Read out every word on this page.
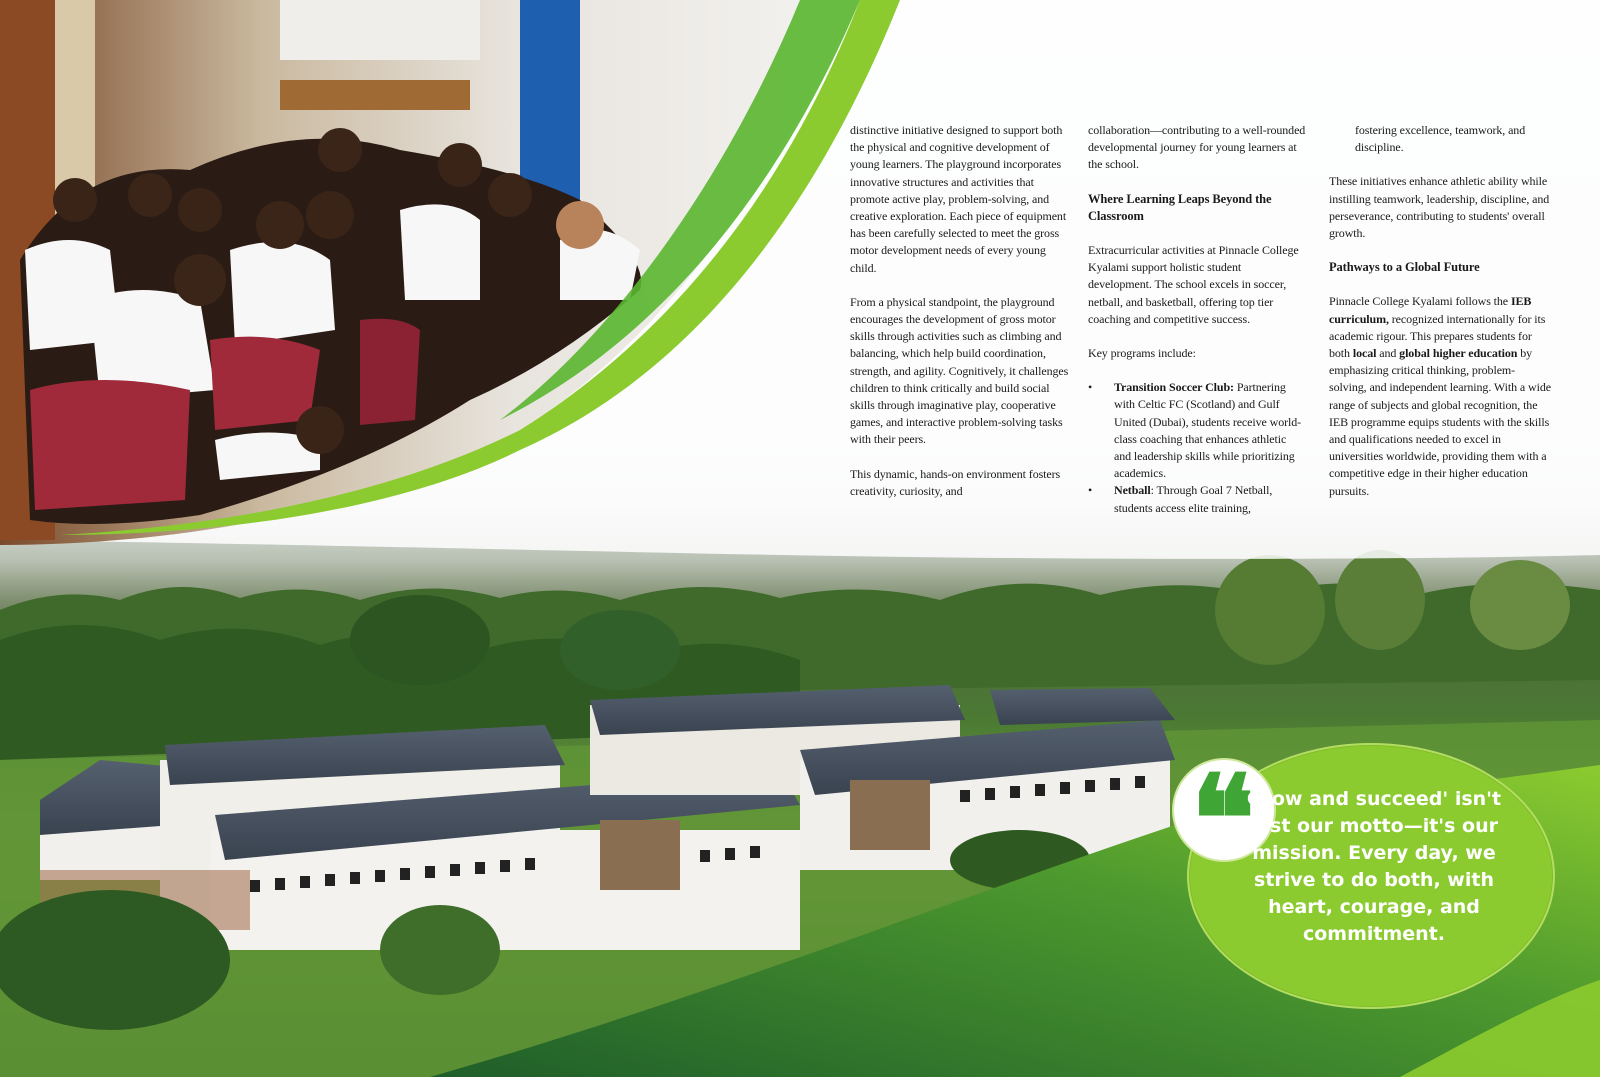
distinctive initiative designed to support both the physical and cognitive development of young learners. The playground incorporates innovative structures and activities that promote active play, problem-solving, and creative exploration. Each piece of equipment has been carefully selected to meet the gross motor development needs of every young child.

From a physical standpoint, the playground encourages the development of gross motor skills through activities such as climbing and balancing, which help build coordination, strength, and agility. Cognitively, it challenges children to think critically and build social skills through imaginative play, cooperative games, and interactive problem-solving tasks with their peers.

This dynamic, hands-on environment fosters creativity, curiosity, and

collaboration—contributing to a well-rounded developmental journey for young learners at the school.

Where Learning Leaps Beyond the Classroom

Extracurricular activities at Pinnacle College Kyalami support holistic student development. The school excels in soccer, netball, and basketball, offering top tier coaching and competitive success.

Key programs include:

• Transition Soccer Club: Partnering with Celtic FC (Scotland) and Gulf United (Dubai), students receive world-class coaching that enhances athletic and leadership skills while prioritizing academics.
• Netball: Through Goal 7 Netball, students access elite training,

fostering excellence, teamwork, and discipline.

These initiatives enhance athletic ability while instilling teamwork, leadership, discipline, and perseverance, contributing to students' overall growth.

Pathways to a Global Future

Pinnacle College Kyalami follows the IEB curriculum, recognized internationally for its academic rigour. This prepares students for both local and global higher education by emphasizing critical thinking, problem-solving, and independent learning. With a wide range of subjects and global recognition, the IEB programme equips students with the skills and qualifications needed to excel in universities worldwide, providing them with a competitive edge in their higher education pursuits.

❝
Grow and succeed' isn't just our motto—it's our mission. Every day, we strive to do both, with heart, courage, and commitment.
